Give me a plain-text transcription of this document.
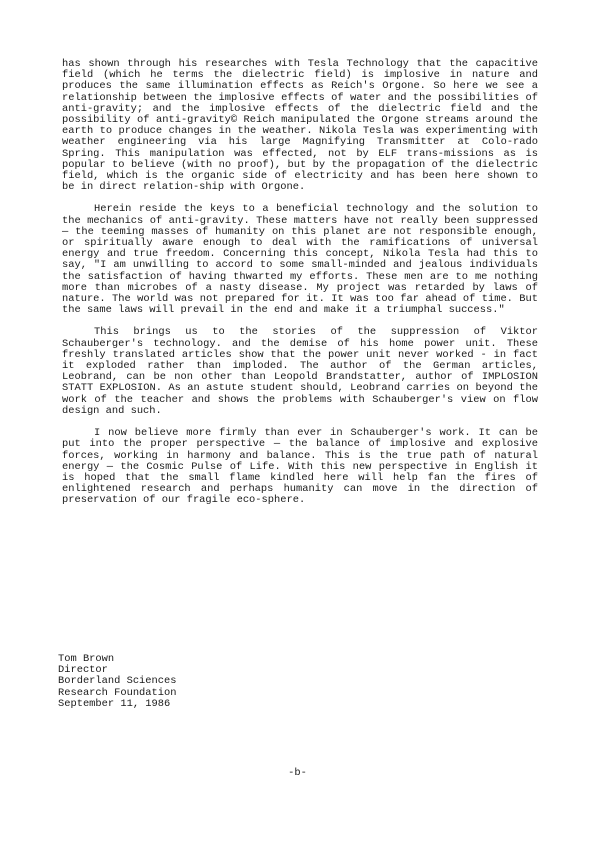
has shown through his researches with Tesla Technology that the capacitive field (which he terms the dielectric field) is implosive in nature and produces the same illumination effects as Reich's Orgone. So here we see a relationship between the implosive effects of water and the possibilities of anti-gravity; and the implosive effects of the dielectric field and the possibility of anti-gravity© Reich manipulated the Orgone streams around the earth to produce changes in the weather. Nikola Tesla was experimenting with weather engineering via his large Magnifying Transmitter at Colo-rado Spring. This manipulation was effected, not by ELF trans-missions as is popular to believe (with no proof), but by the propagation of the dielectric field, which is the organic side of electricity and has been here shown to be in direct relation-ship with Orgone.

Herein reside the keys to a beneficial technology and the solution to the mechanics of anti-gravity. These matters have not really been suppressed — the teeming masses of humanity on this planet are not responsible enough, or spiritually aware enough to deal with the ramifications of universal energy and true freedom. Concerning this concept, Nikola Tesla had this to say, "I am unwilling to accord to some small-minded and jealous individuals the satisfaction of having thwarted my efforts. These men are to me nothing more than microbes of a nasty disease. My project was retarded by laws of nature. The world was not prepared for it. It was too far ahead of time. But the same laws will prevail in the end and make it a triumphal success."

This brings us to the stories of the suppression of Viktor Schauberger's technology. and the demise of his home power unit. These freshly translated articles show that the power unit never worked - in fact it exploded rather than imploded. The author of the German articles, Leobrand, can be non other than Leopold Brandstatter, author of IMPLOSION STATT EXPLOSION. As an astute student should, Leobrand carries on beyond the work of the teacher and shows the problems with Schauberger's view on flow design and such.

I now believe more firmly than ever in Schauberger's work. It can be put into the proper perspective — the balance of implosive and explosive forces, working in harmony and balance. This is the true path of natural energy — the Cosmic Pulse of Life. With this new perspective in English it is hoped that the small flame kindled here will help fan the fires of enlightened research and perhaps humanity can move in the direction of preservation of our fragile eco-sphere.

Tom Brown
Director
Borderland Sciences
Research Foundation
September 11, 1986
-b-
